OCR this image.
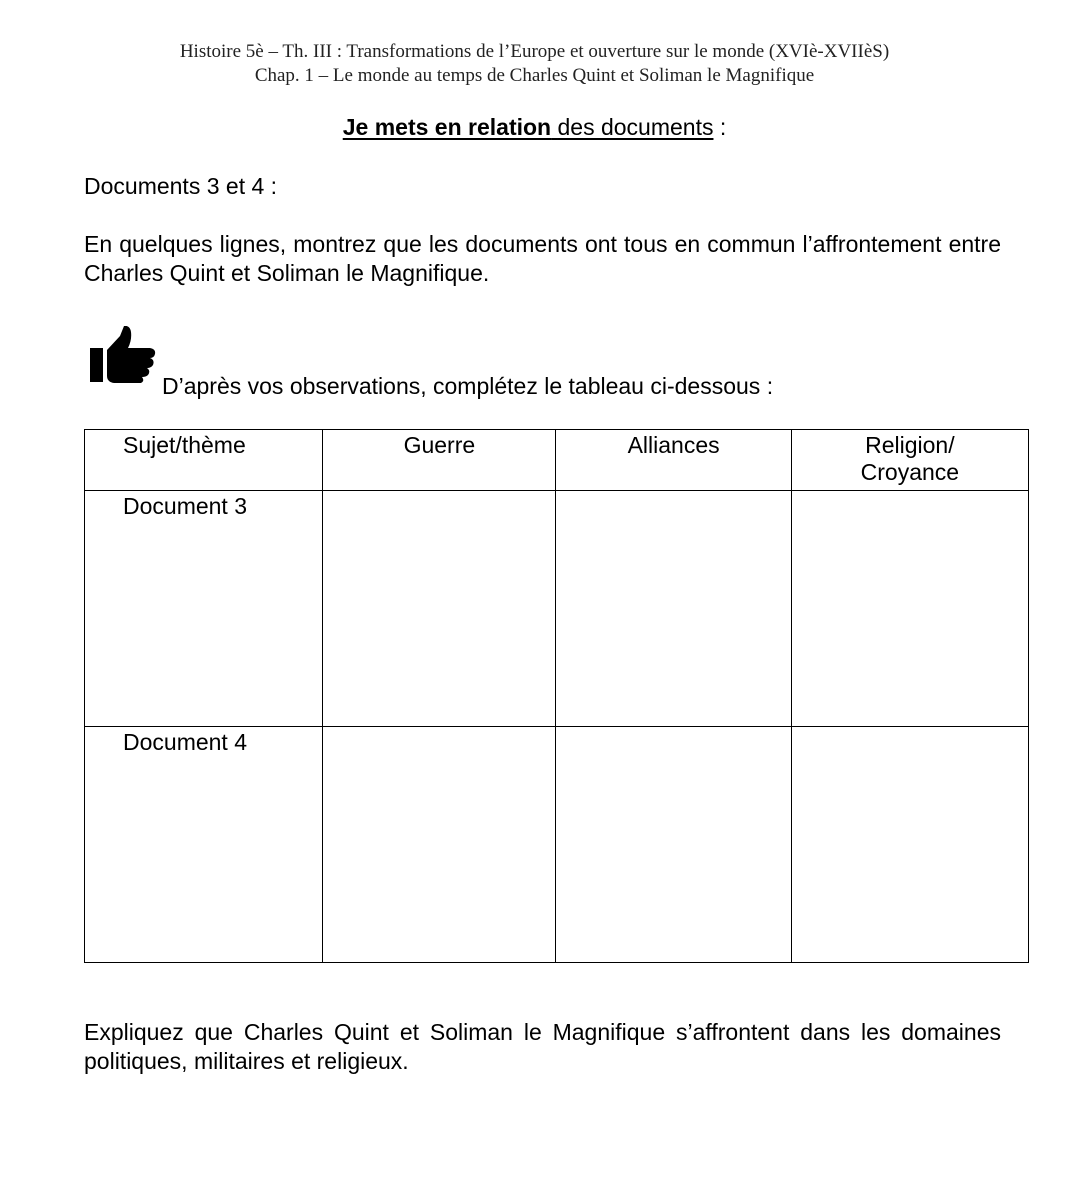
Histoire 5è – Th. III : Transformations de l’Europe et ouverture sur le monde (XVIè-XVIIèS)
Chap. 1 – Le monde au temps de Charles Quint et Soliman le Magnifique
Je mets en relation des documents :
Documents 3 et 4 :
En quelques lignes, montrez que les documents ont tous en commun l’affrontement entre Charles Quint et Soliman le Magnifique.
D’après vos observations, complétez le tableau ci-dessous :
Sujet/thème	Guerre	Alliances	Religion/
Croyance
Document 3			
Document 4			
Expliquez que Charles Quint et Soliman le Magnifique s’affrontent dans les domaines politiques, militaires et religieux.
